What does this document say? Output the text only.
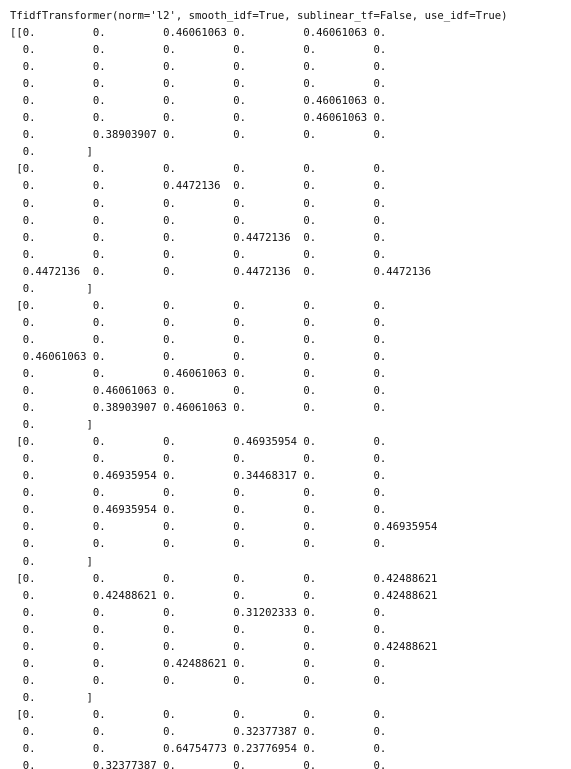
TfidfTransformer(norm='l2', smooth_idf=True, sublinear_tf=False, use_idf=True)
[[0.         0.         0.46061063 0.         0.46061063 0.
0.         0.         0.         0.         0.         0.
0.         0.         0.         0.         0.         0.
0.         0.         0.         0.         0.         0.
0.         0.         0.         0.         0.46061063 0.
0.         0.         0.         0.         0.46061063 0.
0.         0.38903907 0.         0.         0.         0.
0.        ]
[0.         0.         0.         0.         0.         0.
0.         0.         0.4472136  0.         0.         0.
0.         0.         0.         0.         0.         0.
0.         0.         0.         0.         0.         0.
0.         0.         0.         0.4472136  0.         0.
0.         0.         0.         0.         0.         0.
0.4472136  0.         0.         0.4472136  0.         0.4472136
0.        ]
[0.         0.         0.         0.         0.         0.
0.         0.         0.         0.         0.         0.
0.         0.         0.         0.         0.         0.
0.46061063 0.         0.         0.         0.         0.
0.         0.         0.46061063 0.         0.         0.
0.         0.46061063 0.         0.         0.         0.
0.         0.38903907 0.46061063 0.         0.         0.
0.        ]
[0.         0.         0.         0.46935954 0.         0.
0.         0.         0.         0.         0.         0.
0.         0.46935954 0.         0.34468317 0.         0.
0.         0.         0.         0.         0.         0.
0.         0.46935954 0.         0.         0.         0.
0.         0.         0.         0.         0.         0.46935954
0.         0.         0.         0.         0.         0.
0.        ]
[0.         0.         0.         0.         0.         0.42488621
0.         0.42488621 0.         0.         0.         0.42488621
0.         0.         0.         0.31202333 0.         0.
0.         0.         0.         0.         0.         0.
0.         0.         0.         0.         0.         0.42488621
0.         0.         0.42488621 0.         0.         0.
0.         0.         0.         0.         0.         0.
0.        ]
[0.         0.         0.         0.         0.         0.
0.         0.         0.         0.32377387 0.         0.
0.         0.         0.64754773 0.23776954 0.         0.
0.         0.32377387 0.         0.         0.         0.
